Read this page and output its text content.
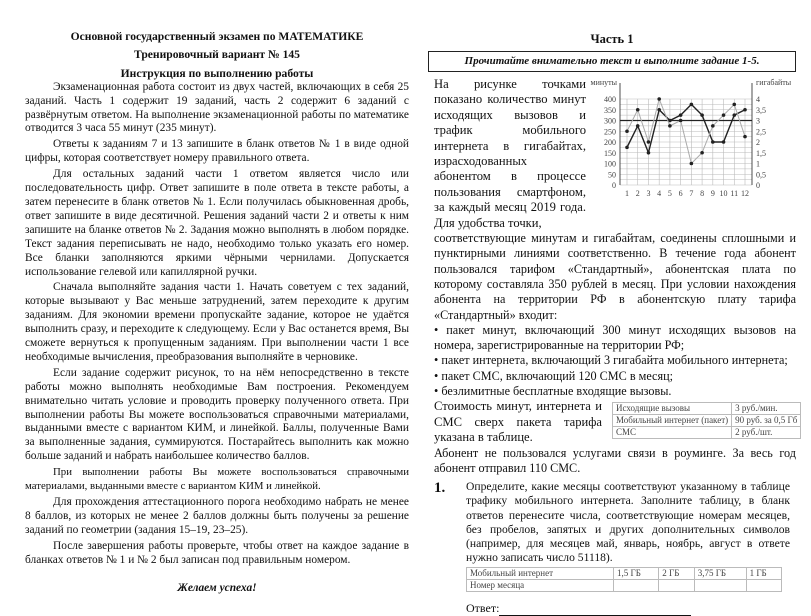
Основной государственный экзамен по МАТЕМАТИКЕ
Тренировочный вариант № 145
Инструкция по выполнению работы

Экзаменационная работа состоит из двух частей, включающих в себя 25 заданий. Часть 1 содержит 19 заданий, часть 2 содержит 6 заданий с развёрнутым ответом. На выполнение экзаменационной работы по математике отводится 3 часа 55 минут (235 минут).

Ответы к заданиям 7 и 13 запишите в бланк ответов № 1 в виде одной цифры, которая соответствует номеру правильного ответа.

Для остальных заданий части 1 ответом является число или последовательность цифр. Ответ запишите в поле ответа в тексте работы, а затем перенесите в бланк ответов № 1. Если получилась обыкновенная дробь, ответ запишите в виде десятичной. Решения заданий части 2 и ответы к ним запишите на бланке ответов № 2. Задания можно выполнять в любом порядке. Текст задания переписывать не надо, необходимо только указать его номер. Все бланки заполняются яркими чёрными чернилами. Допускается использование гелевой или капиллярной ручки.

Сначала выполняйте задания части 1. Начать советуем с тех заданий, которые вызывают у Вас меньше затруднений, затем переходите к другим заданиям. Для экономии времени пропускайте задание, которое не удаётся выполнить сразу, и переходите к следующему. Если у Вас останется время, Вы сможете вернуться к пропущенным заданиям. При выполнении части 1 все необходимые вычисления, преобразования выполняйте в черновике.

Если задание содержит рисунок, то на нём непосредственно в тексте работы можно выполнять необходимые Вам построения. Рекомендуем внимательно читать условие и проводить проверку полученного ответа. При выполнении работы Вы можете воспользоваться справочными материалами, выданными вместе с вариантом КИМ, и линейкой. Баллы, полученные Вами за выполненные задания, суммируются. Постарайтесь выполнить как можно больше заданий и набрать наибольшее количество баллов.

При выполнении работы Вы можете воспользоваться справочными материалами, выданными вместе с вариантом КИМ и линейкой.

Для прохождения аттестационного порога необходимо набрать не менее 8 баллов, из которых не менее 2 баллов должны быть получены за решение заданий по геометрии (задания 15–19, 23–25).

После завершения работы проверьте, чтобы ответ на каждое задание в бланках ответов № 1 и № 2 был записан под правильным номером.

Желаем успеха!
Часть 1
Прочитайте внимательно текст и выполните задание 1-5.
На рисунке точками показано количество минут исходящих вызовов и трафик мобильного интернета в гигабайтах, израсходованных абонентом в процессе пользования смартфоном, за каждый месяц 2019 года. Для удобства точки,
минуты	гигабайты
0
50
100
150
200
250
300
350
400
0
0,5
1
1,5
2
2,5
3
3,5
4
1 2 3 4 5 6 7 8 9 10 11 12

соответствующие минутам и гигабайтам, соединены сплошными и пунктирными линиями соответственно. В течение года абонент пользовался тарифом «Стандартный», абонентская плата по которому составляла 350 рублей в месяц. При условии нахождения абонента на территории РФ в абонентскую плату тарифа «Стандартный» входит:

• пакет минут, включающий 300 минут исходящих вызовов на номера, зарегистрированные на территории РФ;

• пакет интернета, включающий 3 гигабайта мобильного интернета;

• пакет СМС, включающий 120 СМС в месяц;

• безлимитные бесплатные входящие вызовы.

Стоимость минут, интернета и СМС сверх пакета тарифа указана в таблице.
Исходящие вызовы	3 руб./мин.
Мобильный интернет (пакет)	90 руб. за 0,5 Гб
СМС	2 руб./шт.

Абонент не пользовался услугами связи в роуминге. За весь год абонент отправил 110 СМС.

1.	Определите, какие месяцы соответствуют указанному в таблице трафику мобильного интернета. Заполните таблицу, в бланк ответов перенесите числа, соответствующие номерам месяцев, без пробелов, запятых и других дополнительных символов (например, для месяцев май, январь, ноябрь, август в ответе нужно записать число 51118).
Мобильный интернет	1,5 ГБ	2 ГБ	3,75 ГБ	1 ГБ
Номер месяца				
Ответ:
